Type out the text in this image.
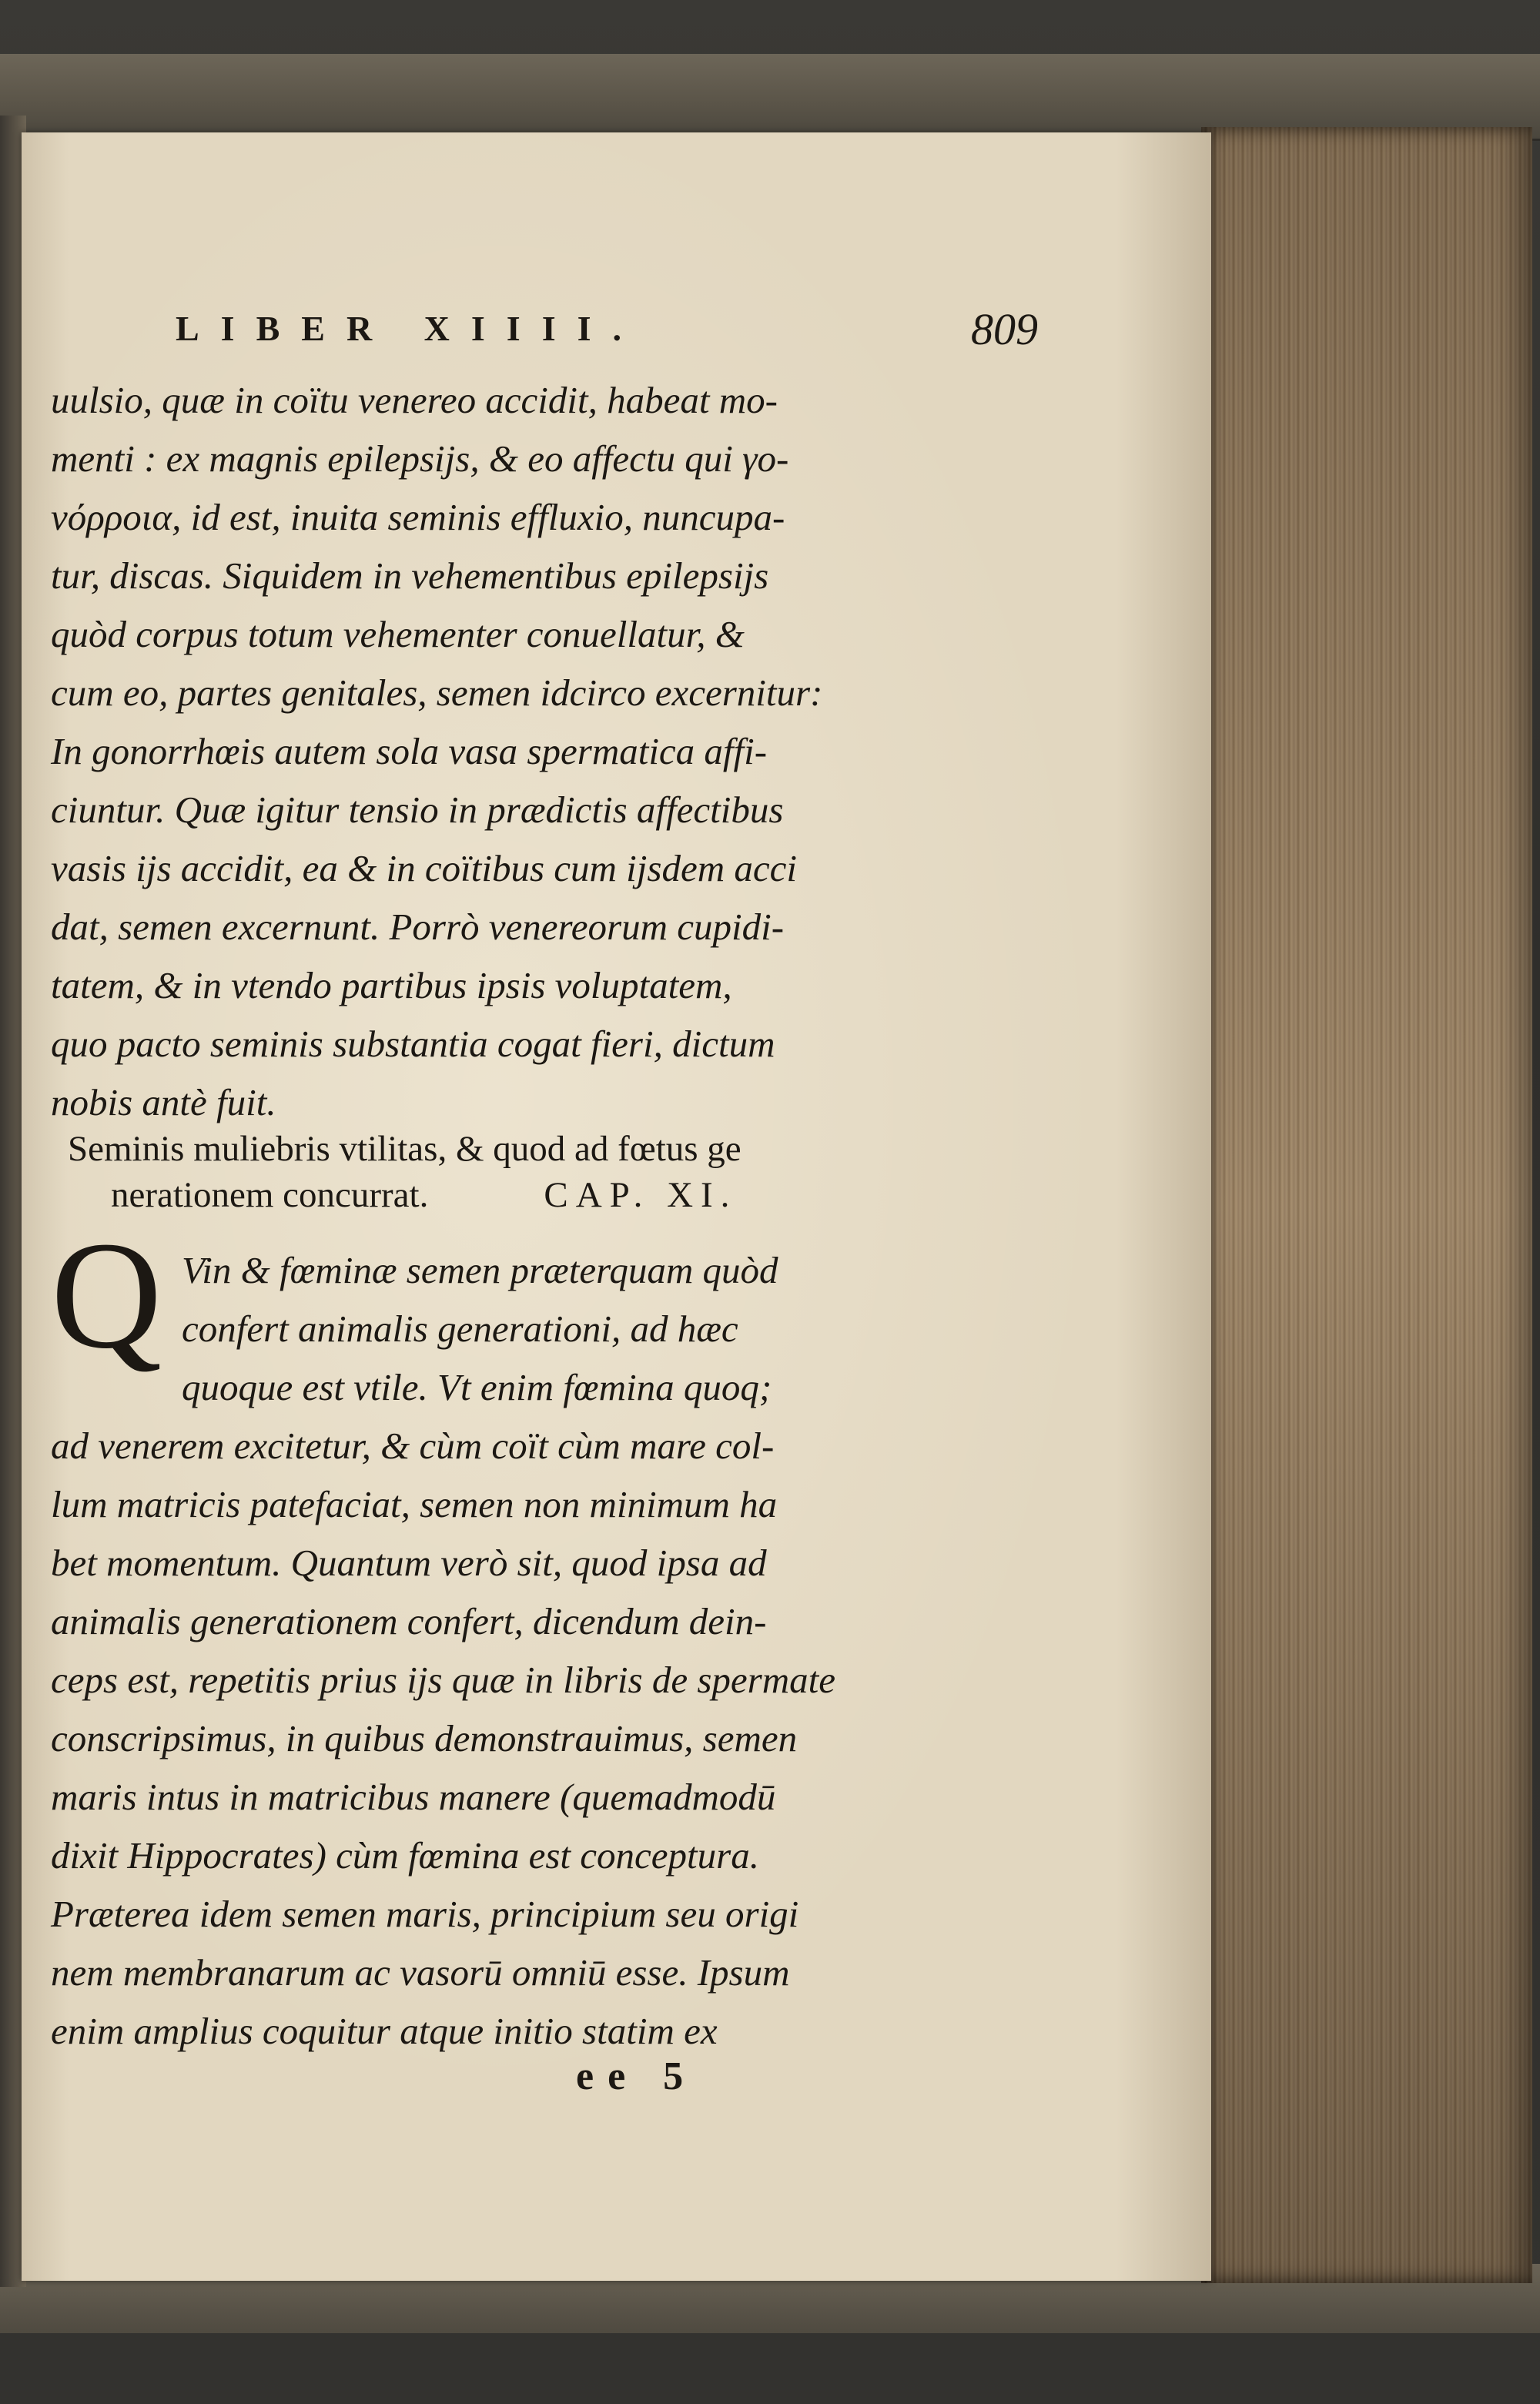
LIBER XIIII.	809
uulsio, quæ in coïtu venereo accidit, habeat mo-
menti : ex magnis epilepsijs, & eo affectu qui γο-
νόρροια, id est, inuita seminis effluxio, nuncupa-
tur, discas. Siquidem in vehementibus epilepsijs
quòd corpus totum vehementer conuellatur, &
cum eo, partes genitales, semen idcirco excernitur:
In gonorrhœis autem sola vasa spermatica affi-
ciuntur. Quæ igitur tensio in prædictis affectibus
vasis ijs accidit, ea & in coïtibus cum ijsdem acci
dat, semen excernunt. Porrò venereorum cupidi-
tatem, & in vtendo partibus ipsis voluptatem,
quo pacto seminis substantia cogat fieri, dictum
nobis antè fuit.
Seminis muliebris vtilitas, & quod ad fœtus ge
nerationem concurrat.	CAP. XI.
Q Vin & fœminæ semen præterquam quòd
confert animalis generationi, ad hæc
quoque est vtile. Vt enim fœmina quoq;
ad venerem excitetur, & cùm coït cùm mare col-
lum matricis patefaciat, semen non minimum ha
bet momentum. Quantum verò sit, quod ipsa ad
animalis generationem confert, dicendum dein-
ceps est, repetitis prius ijs quæ in libris de spermate
conscripsimus, in quibus demonstrauimus, semen
maris intus in matricibus manere (quemadmodū
dixit Hippocrates) cùm fœmina est conceptura.
Præterea idem semen maris, principium seu origi
nem membranarum ac vasorū omniū esse. Ipsum
enim amplius coquitur atque initio statim ex
ee 5
